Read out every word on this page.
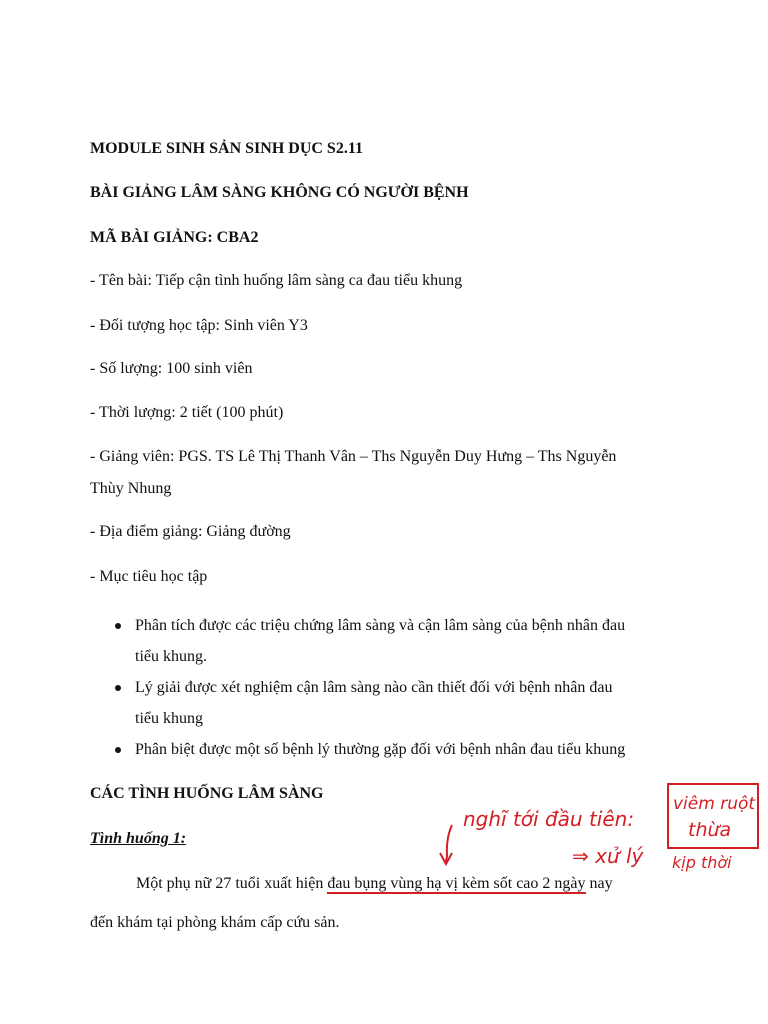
MODULE SINH SẢN SINH DỤC S2.11
BÀI GIẢNG LÂM SÀNG KHÔNG CÓ NGƯỜI BỆNH
MÃ BÀI GIẢNG: CBA2
- Tên bài: Tiếp cận tình huống lâm sàng ca đau tiểu khung
- Đối tượng học tập: Sinh viên Y3
- Số lượng: 100 sinh viên
- Thời lượng: 2 tiết (100 phút)
- Giảng viên: PGS. TS Lê Thị Thanh Vân – Ths Nguyễn Duy Hưng – Ths Nguyễn
Thùy Nhung
- Địa điểm giảng: Giảng đường
- Mục tiêu học tập
Phân tích được các triệu chứng lâm sàng và cận lâm sàng của bệnh nhân đau
tiểu khung.
Lý giải được xét nghiệm cận lâm sàng nào cần thiết đối với bệnh nhân đau
tiểu khung
Phân biệt được một số bệnh lý thường gặp đối với bệnh nhân đau tiểu khung
CÁC TÌNH HUỐNG LÂM SÀNG
Tình huống 1:
Một phụ nữ 27 tuổi xuất hiện đau bụng vùng hạ vị kèm sốt cao 2 ngày nay
đến khám tại phòng khám cấp cứu sản.
nghĩ tới đầu tiên:
⇒ xử lý
viêm ruột
thừa
kịp thời
